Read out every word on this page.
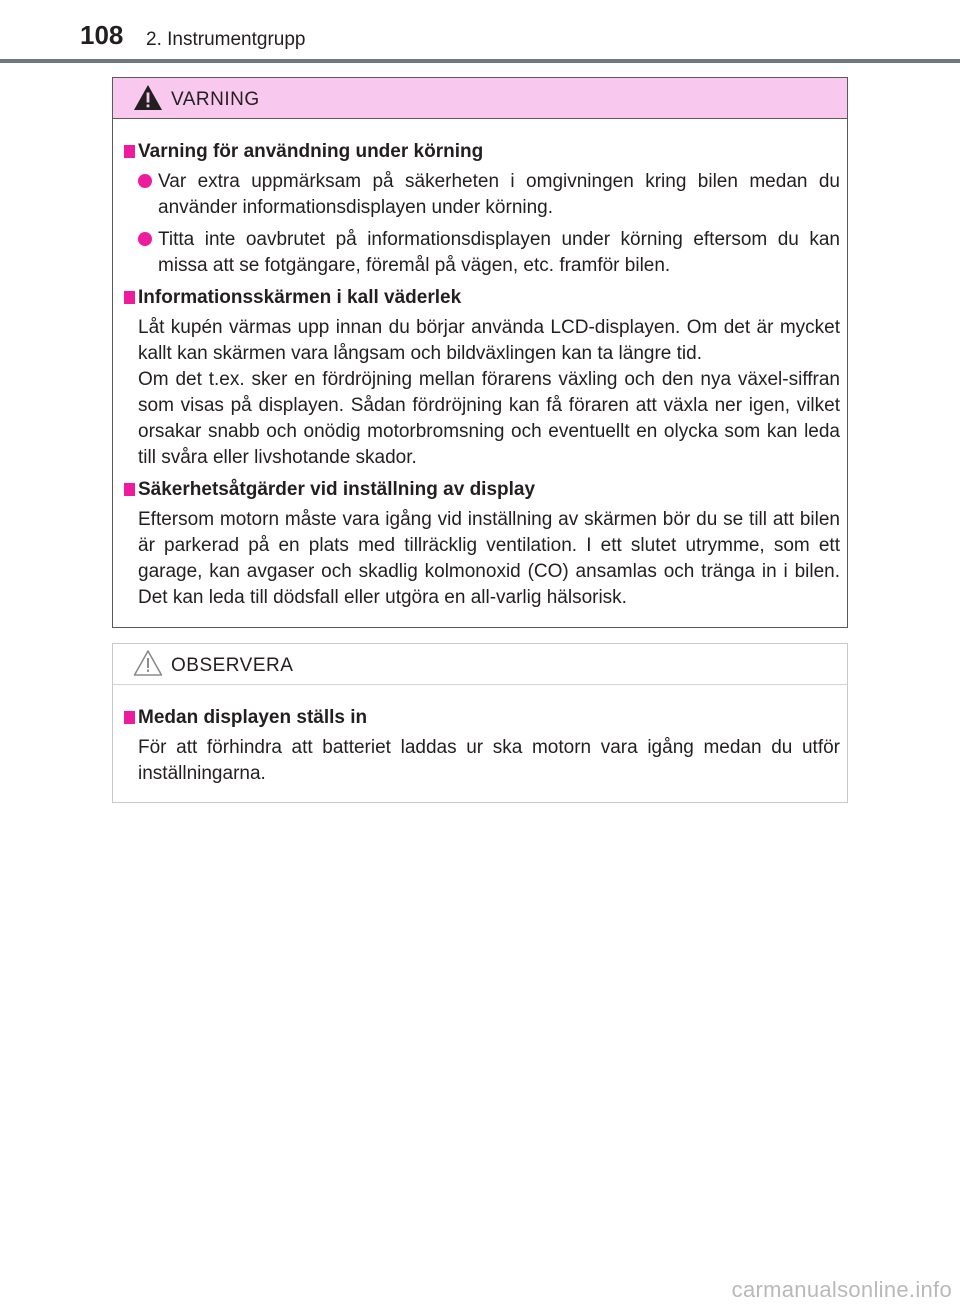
108 2. Instrumentgrupp
VARNING
Varning för användning under körning
Var extra uppmärksam på säkerheten i omgivningen kring bilen medan du använder informationsdisplayen under körning.
Titta inte oavbrutet på informationsdisplayen under körning eftersom du kan missa att se fotgängare, föremål på vägen, etc. framför bilen.
Informationsskärmen i kall väderlek
Låt kupén värmas upp innan du börjar använda LCD-displayen. Om det är mycket kallt kan skärmen vara långsam och bildväxlingen kan ta längre tid.
Om det t.ex. sker en fördröjning mellan förarens växling och den nya växel-siffran som visas på displayen. Sådan fördröjning kan få föraren att växla ner igen, vilket orsakar snabb och onödig motorbromsning och eventuellt en olycka som kan leda till svåra eller livshotande skador.
Säkerhetsåtgärder vid inställning av display
Eftersom motorn måste vara igång vid inställning av skärmen bör du se till att bilen är parkerad på en plats med tillräcklig ventilation. I ett slutet utrymme, som ett garage, kan avgaser och skadlig kolmonoxid (CO) ansamlas och tränga in i bilen. Det kan leda till dödsfall eller utgöra en all-varlig hälsorisk.
OBSERVERA
Medan displayen ställs in
För att förhindra att batteriet laddas ur ska motorn vara igång medan du utför inställningarna.
carmanualsonline.info
